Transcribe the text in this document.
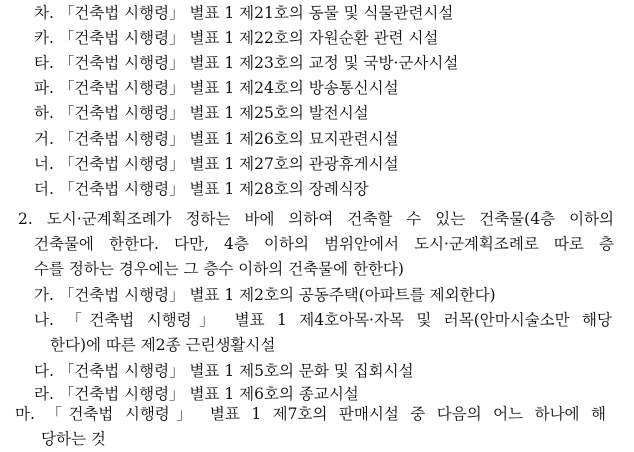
차. 「건축법 시행령」 별표 1 제21호의 동물 및 식물관련시설
카. 「건축법 시행령」 별표 1 제22호의 자원순환 관련 시설
타. 「건축법 시행령」 별표 1 제23호의 교정 및 국방·군사시설
파. 「건축법 시행령」 별표 1 제24호의 방송통신시설
하. 「건축법 시행령」 별표 1 제25호의 발전시설
거. 「건축법 시행령」 별표 1 제26호의 묘지관련시설
너. 「건축법 시행령」 별표 1 제27호의 관광휴게시설
더. 「건축법 시행령」 별표 1 제28호의 장례식장
2. 도시·군계획조례가 정하는 바에 의하여 건축할 수 있는 건축물(4층 이하의
건축물에 한한다. 다만, 4층 이하의 범위안에서 도시·군계획조례로 따로 층
수를 정하는 경우에는 그 층수 이하의 건축물에 한한다)
가. 「건축법 시행령」 별표 1 제2호의 공동주택(아파트를 제외한다)
나. 「건축법 시행령」 별표 1 제4호아목·자목 및 러목(안마시술소만 해당
한다)에 따른 제2종 근린생활시설
다. 「건축법 시행령」 별표 1 제5호의 문화 및 집회시설
라. 「건축법 시행령」 별표 1 제6호의 종교시설
마. 「건축법 시행령」 별표 1 제7호의 판매시설 중 다음의 어느 하나에 해
당하는 것
